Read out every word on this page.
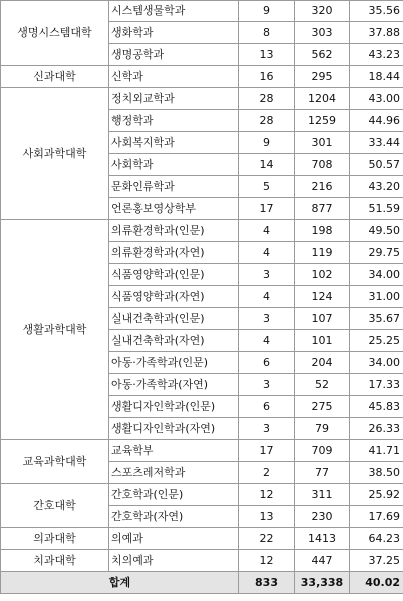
생명시스템대학	시스템생물학과	9	320	35.56
	생화학과	8	303	37.88
	생명공학과	13	562	43.23
신과대학	신학과	16	295	18.44
사회과학대학	정치외교학과	28	1204	43.00
	행정학과	28	1259	44.96
	사회복지학과	9	301	33.44
	사회학과	14	708	50.57
	문화인류학과	5	216	43.20
	언론홍보영상학부	17	877	51.59
생활과학대학	의류환경학과(인문)	4	198	49.50
	의류환경학과(자연)	4	119	29.75
	식품영양학과(인문)	3	102	34.00
	식품영양학과(자연)	4	124	31.00
	실내건축학과(인문)	3	107	35.67
	실내건축학과(자연)	4	101	25.25
	아동·가족학과(인문)	6	204	34.00
	아동·가족학과(자연)	3	52	17.33
	생활디자인학과(인문)	6	275	45.83
	생활디자인학과(자연)	3	79	26.33
교육과학대학	교육학부	17	709	41.71
	스포츠레저학과	2	77	38.50
간호대학	간호학과(인문)	12	311	25.92
	간호학과(자연)	13	230	17.69
의과대학	의예과	22	1413	64.23
치과대학	치의예과	12	447	37.25
합계		833	33,338	40.02
